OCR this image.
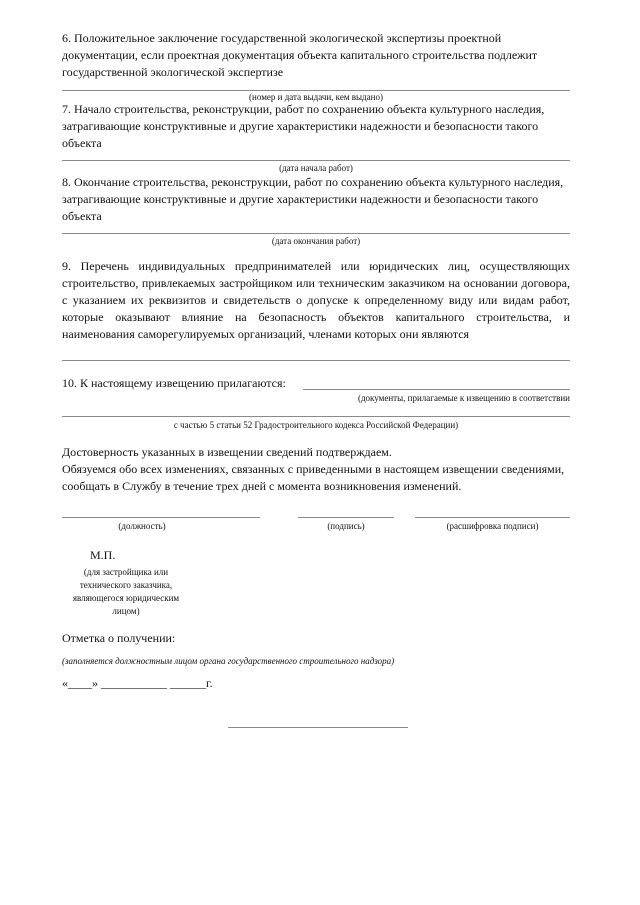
6. Положительное заключение государственной экологической экспертизы проектной документации, если проектная документация объекта капитального строительства подлежит государственной экологической экспертизе
(номер и дата выдачи, кем выдано)
7. Начало строительства, реконструкции, работ по сохранению объекта культурного наследия, затрагивающие конструктивные и другие характеристики надежности и безопасности такого объекта
(дата начала работ)
8. Окончание строительства, реконструкции, работ по сохранению объекта культурного наследия, затрагивающие конструктивные и другие характеристики надежности и безопасности такого объекта
(дата окончания работ)
9. Перечень индивидуальных предпринимателей или юридических лиц, осуществляющих строительство, привлекаемых застройщиком или техническим заказчиком на основании договора, с указанием их реквизитов и свидетельств о допуске к определенному виду или видам работ, которые оказывают влияние на безопасность объектов капитального строительства, и наименования саморегулируемых организаций, членами которых они являются
10. К настоящему извещению прилагаются:
(документы, прилагаемые к извещению в соответствии
с частью 5 статьи 52 Градостроительного кодекса Российской Федерации)
Достоверность указанных в извещении сведений подтверждаем.
Обязуемся обо всех изменениях, связанных с приведенными в настоящем извещении сведениями, сообщать в Службу в течение трех дней с момента возникновения изменений.
(должность)	(подпись)	(расшифровка подписи)
М.П.
(для застройщика или технического заказчика, являющегося юридическим лицом)
Отметка о получении:
(заполняется должностным лицом органа государственного строительного надзора)
«____» ___________ ______г.
